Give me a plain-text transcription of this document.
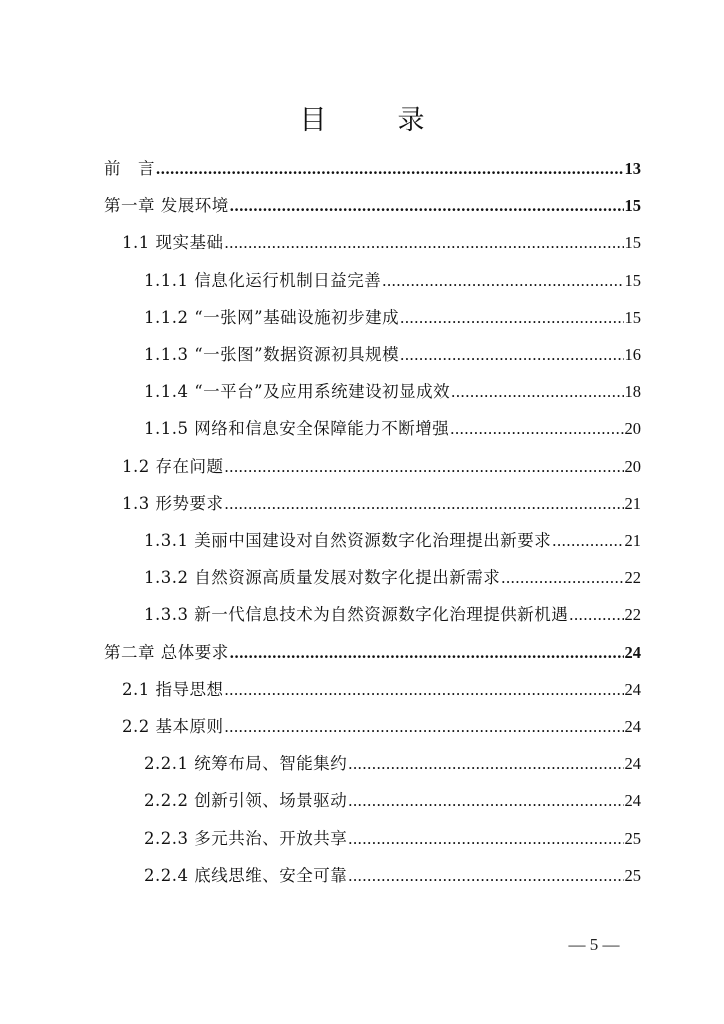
目　录
前　言 .....	13
第一章 发展环境 .....	15
1.1 现实基础 .....	15
1.1.1 信息化运行机制日益完善 .....	15
1.1.2 “一张网”基础设施初步建成 .....	15
1.1.3 “一张图”数据资源初具规模 .....	16
1.1.4 “一平台”及应用系统建设初显成效 .....	18
1.1.5 网络和信息安全保障能力不断增强 .....	20
1.2 存在问题 .....	20
1.3 形势要求 .....	21
1.3.1 美丽中国建设对自然资源数字化治理提出新要求 .....	21
1.3.2 自然资源高质量发展对数字化提出新需求 .....	22
1.3.3 新一代信息技术为自然资源数字化治理提供新机遇 .....	22
第二章 总体要求 .....	24
2.1 指导思想 .....	24
2.2 基本原则 .....	24
2.2.1 统筹布局、智能集约 .....	24
2.2.2 创新引领、场景驱动 .....	24
2.2.3 多元共治、开放共享 .....	25
2.2.4 底线思维、安全可靠 .....	25
— 5 —
